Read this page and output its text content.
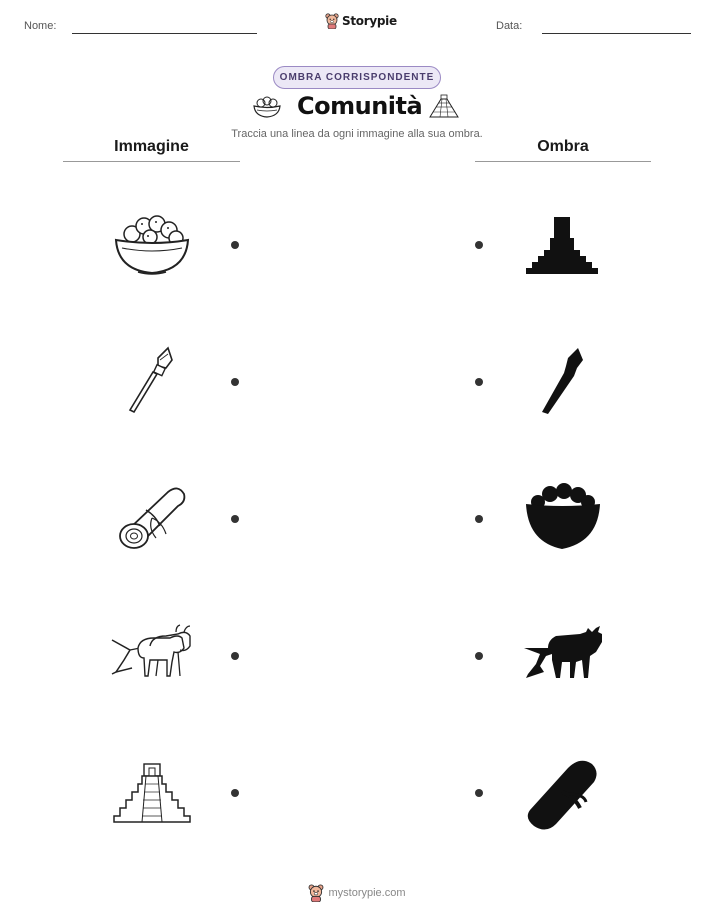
Nome:	Storypie	Data:
OMBRA CORRISPONDENTE
Comunità
Traccia una linea da ogni immagine alla sua ombra.
Immagine	Ombra
mystorypie.com
